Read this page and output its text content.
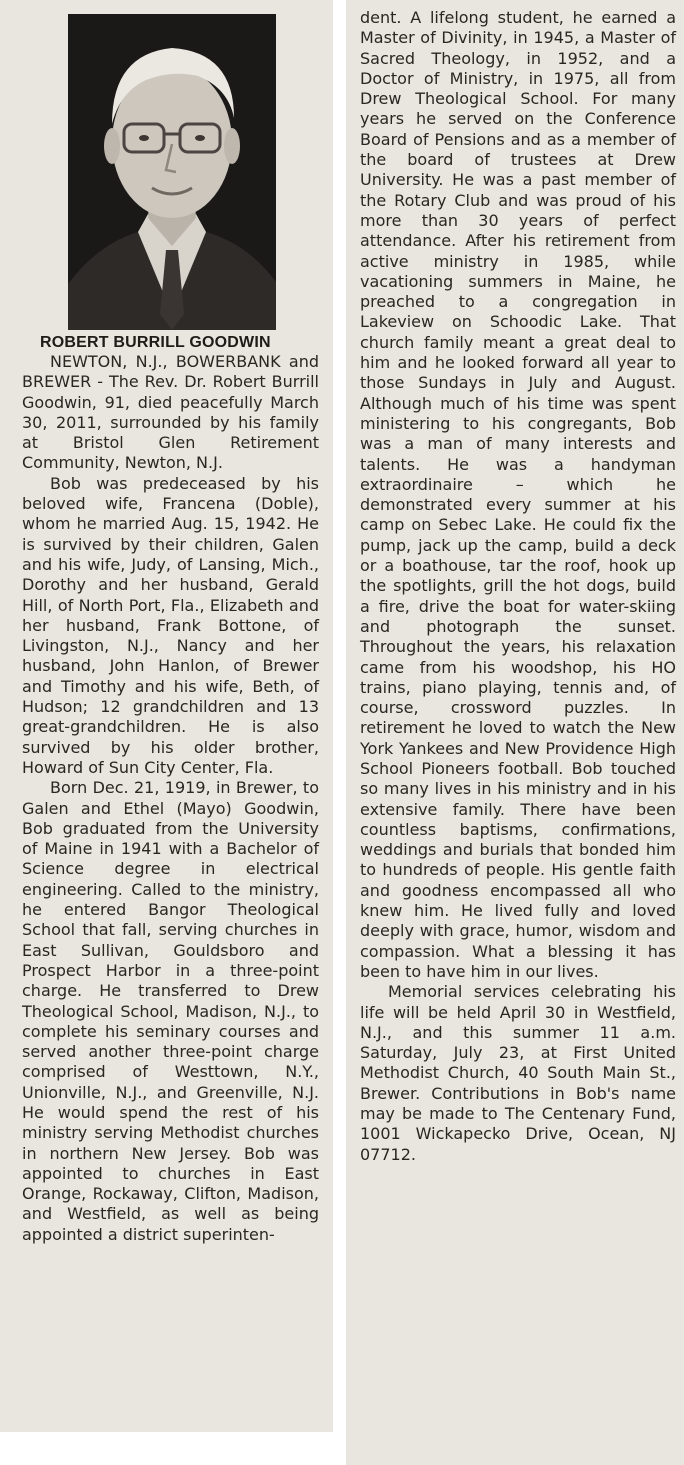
ROBERT BURRILL GOODWIN

NEWTON, N.J., BOWERBANK and BREWER - The Rev. Dr. Robert Burrill Goodwin, 91, died peacefully March 30, 2011, surrounded by his family at Bristol Glen Retirement Community, Newton, N.J.

Bob was predeceased by his beloved wife, Francena (Doble), whom he married Aug. 15, 1942. He is survived by their children, Galen and his wife, Judy, of Lansing, Mich., Dorothy and her husband, Gerald Hill, of North Port, Fla., Elizabeth and her husband, Frank Bottone, of Livingston, N.J., Nancy and her husband, John Hanlon, of Brewer and Timothy and his wife, Beth, of Hudson; 12 grandchildren and 13 great-grandchildren. He is also survived by his older brother, Howard of Sun City Center, Fla.

Born Dec. 21, 1919, in Brewer, to Galen and Ethel (Mayo) Goodwin, Bob graduated from the University of Maine in 1941 with a Bachelor of Science degree in electrical engineering. Called to the ministry, he entered Bangor Theological School that fall, serving churches in East Sullivan, Gouldsboro and Prospect Harbor in a three-point charge. He transferred to Drew Theological School, Madison, N.J., to complete his seminary courses and served another three-point charge comprised of Westtown, N.Y., Unionville, N.J., and Greenville, N.J. He would spend the rest of his ministry serving Methodist churches in northern New Jersey. Bob was appointed to churches in East Orange, Rockaway, Clifton, Madison, and Westfield, as well as being appointed a district superinten-

dent. A lifelong student, he earned a Master of Divinity, in 1945, a Master of Sacred Theology, in 1952, and a Doctor of Ministry, in 1975, all from Drew Theological School. For many years he served on the Conference Board of Pensions and as a member of the board of trustees at Drew University. He was a past member of the Rotary Club and was proud of his more than 30 years of perfect attendance. After his retirement from active ministry in 1985, while vacationing summers in Maine, he preached to a congregation in Lakeview on Schoodic Lake. That church family meant a great deal to him and he looked forward all year to those Sundays in July and August. Although much of his time was spent ministering to his congregants, Bob was a man of many interests and talents. He was a handyman extraordinaire – which he demonstrated every summer at his camp on Sebec Lake. He could fix the pump, jack up the camp, build a deck or a boathouse, tar the roof, hook up the spotlights, grill the hot dogs, build a fire, drive the boat for water-skiing and photograph the sunset. Throughout the years, his relaxation came from his woodshop, his HO trains, piano playing, tennis and, of course, crossword puzzles. In retirement he loved to watch the New York Yankees and New Providence High School Pioneers football. Bob touched so many lives in his ministry and in his extensive family. There have been countless baptisms, confirmations, weddings and burials that bonded him to hundreds of people. His gentle faith and goodness encompassed all who knew him. He lived fully and loved deeply with grace, humor, wisdom and compassion. What a blessing it has been to have him in our lives.

Memorial services celebrating his life will be held April 30 in Westfield, N.J., and this summer 11 a.m. Saturday, July 23, at First United Methodist Church, 40 South Main St., Brewer. Contributions in Bob's name may be made to The Centenary Fund, 1001 Wickapecko Drive, Ocean, NJ 07712.
